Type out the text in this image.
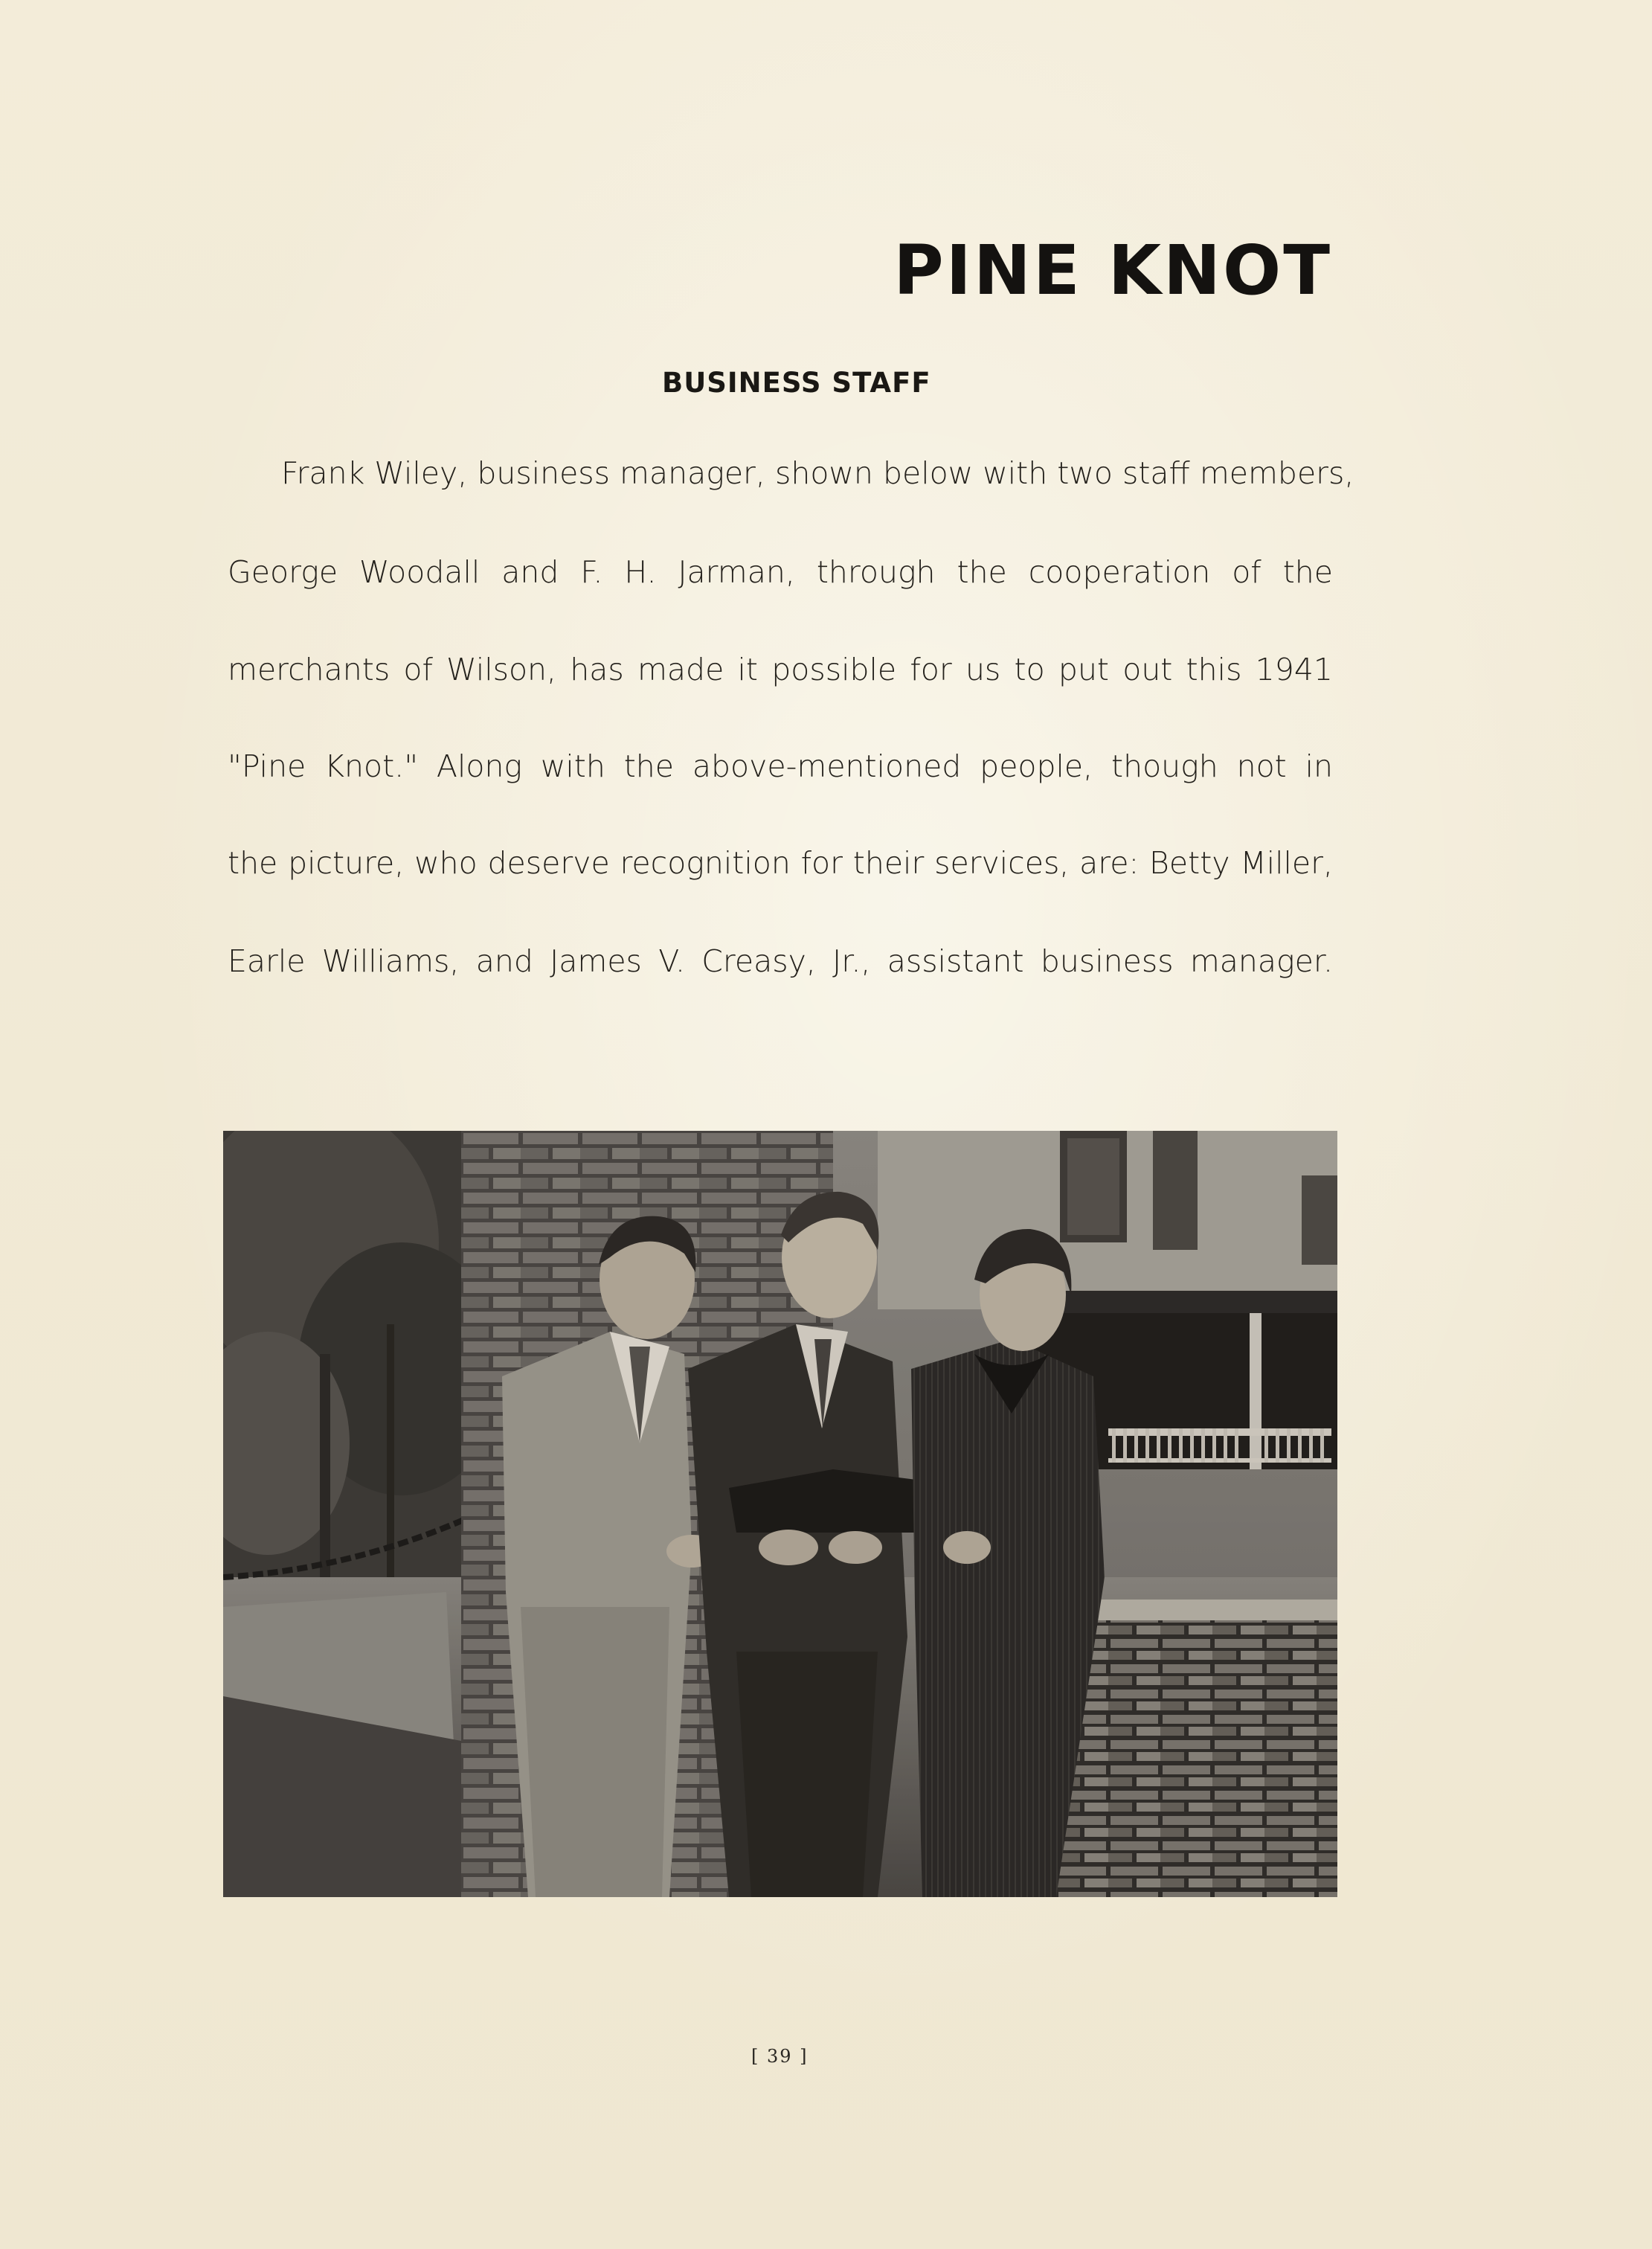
PINE KNOT
BUSINESS STAFF

Frank Wiley, business manager, shown below with two staff members,

George Woodall and F. H. Jarman, through the cooperation of the

merchants of Wilson, has made it possible for us to put out this 1941

"Pine Knot." Along with the above-mentioned people, though not in

the picture, who deserve recognition for their services, are: Betty Miller,

Earle Williams, and James V. Creasy, Jr., assistant business manager.

[ 39 ]
